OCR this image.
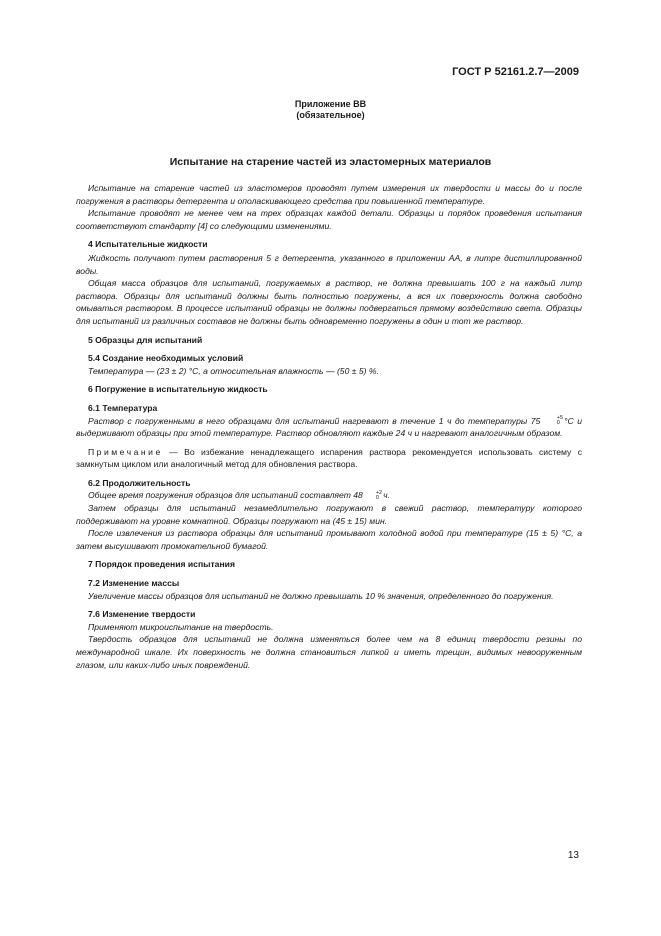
ГОСТ Р 52161.2.7—2009
Приложение ВВ
(обязательное)
Испытание на старение частей из эластомерных материалов

Испытание на старение частей из эластомеров проводят путем измерения их твердости и массы до и после погружения в растворы детергента и ополаскивающего средства при повышенной температуре.

Испытание проводят не менее чем на трех образцах каждой детали. Образцы и порядок проведения испытания соответствуют стандарту [4] со следующими изменениями.

4 Испытательные жидкости

Жидкость получают путем растворения 5 г детергента, указанного в приложении АА, в литре дистиллированной воды.

Общая масса образцов для испытаний, погружаемых в раствор, не должна превышать 100 г на каждый литр раствора. Образцы для испытаний должны быть полностью погружены, а вся их поверхность должна свободно омываться раствором. В процессе испытаний образцы не должны подвергаться прямому воздействию света. Образцы для испытаний из различных составов не должны быть одновременно погружены в один и тот же раствор.

5 Образцы для испытаний

5.4 Создание необходимых условий

Температура — (23 ± 2) °С, а относительная влажность — (50 ± 5) %.

6 Погружение в испытательную жидкость

6.1 Температура

Раствор с погруженными в него образцами для испытаний нагревают в течение 1 ч до температуры 75	+5
0 °С и выдерживают образцы при этой температуре. Раствор обновляют каждые 24 ч и нагревают аналогичным образом.

Примечание — Во избежание ненадлежащего испарения раствора рекомендуется использовать систему с замкнутым циклом или аналогичный метод для обновления раствора.

6.2 Продолжительность

Общее время погружения образцов для испытаний составляет 48	+2
0 ч.

Затем образцы для испытаний незамедлительно погружают в свежий раствор, температуру которого поддерживают на уровне комнатной. Образцы погружают на (45 ± 15) мин.

После извлечения из раствора образцы для испытаний промывают холодной водой при температуре (15 ± 5) °С, а затем высушивают промокательной бумагой.

7 Порядок проведения испытания

7.2 Изменение массы

Увеличение массы образцов для испытаний не должно превышать 10 % значения, определенного до погружения.

7.6 Изменение твердости

Применяют микроиспытание на твердость.

Твердость образцов для испытаний не должна изменяться более чем на 8 единиц твердости резины по международной шкале. Их поверхность не должна становиться липкой и иметь трещин, видимых невооруженным глазом, или каких-либо иных повреждений.

13
